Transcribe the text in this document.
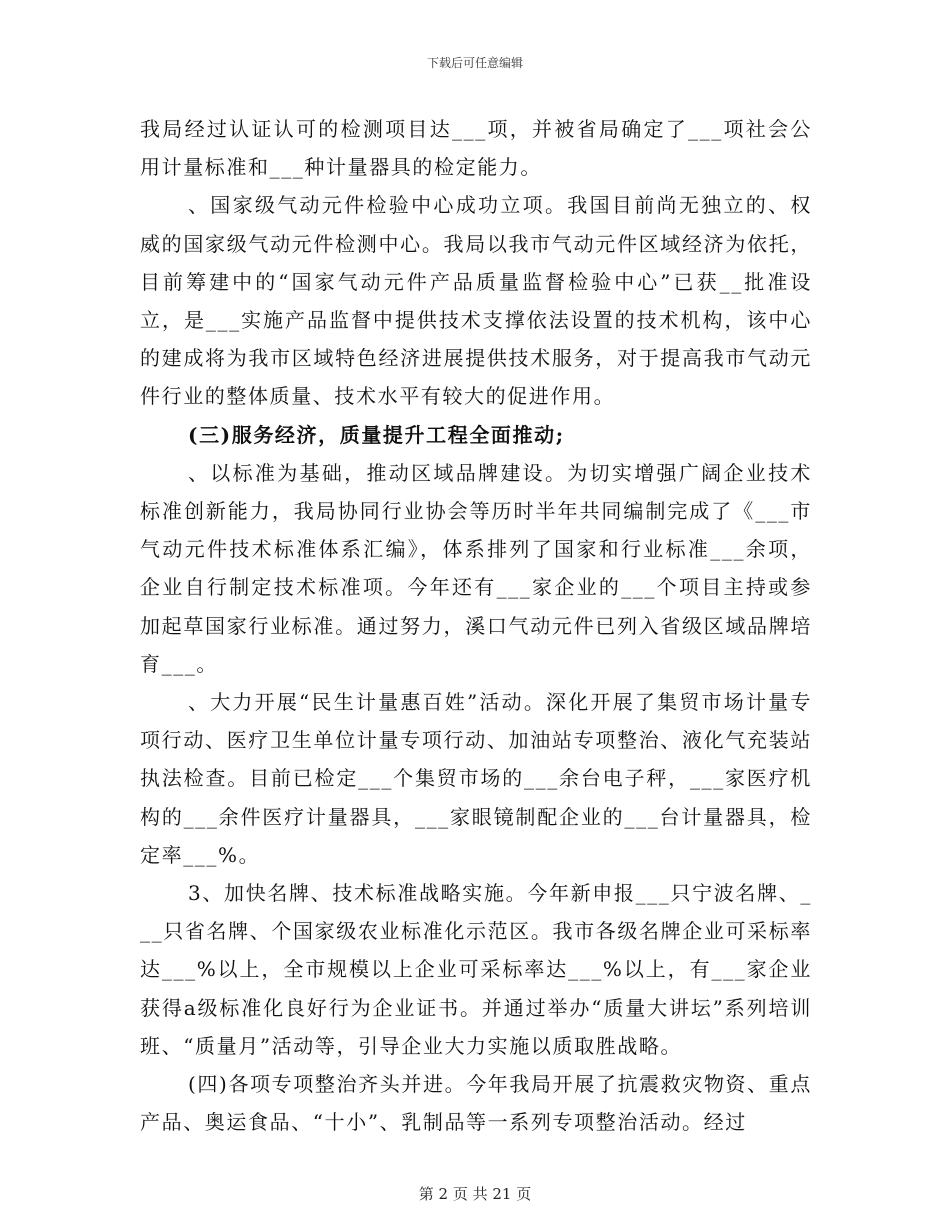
下载后可任意编辑

我局经过认证认可的检测项目达___项，并被省局确定了___项社会公用计量标准和___种计量器具的检定能力。

、国家级气动元件检验中心成功立项。我国目前尚无独立的、权威的国家级气动元件检测中心。我局以我市气动元件区域经济为依托，目前筹建中的“国家气动元件产品质量监督检验中心”已获__批准设立，是___实施产品监督中提供技术支撑依法设置的技术机构，该中心的建成将为我市区域特色经济进展提供技术服务，对于提高我市气动元件行业的整体质量、技术水平有较大的促进作用。

(三)服务经济，质量提升工程全面推动;

、以标准为基础，推动区域品牌建设。为切实增强广阔企业技术标准创新能力，我局协同行业协会等历时半年共同编制完成了《___市气动元件技术标准体系汇编》，体系排列了国家和行业标准___余项，企业自行制定技术标准项。今年还有___家企业的___个项目主持或参加起草国家行业标准。通过努力，溪口气动元件已列入省级区域品牌培育___。

、大力开展“民生计量惠百姓”活动。深化开展了集贸市场计量专项行动、医疗卫生单位计量专项行动、加油站专项整治、液化气充装站执法检查。目前已检定___个集贸市场的___余台电子秤，___家医疗机构的___余件医疗计量器具，___家眼镜制配企业的___台计量器具，检定率___%。

3、加快名牌、技术标准战略实施。今年新申报___只宁波名牌、___只省名牌、个国家级农业标准化示范区。我市各级名牌企业可采标率达___%以上，全市规模以上企业可采标率达___%以上，有___家企业获得a级标准化良好行为企业证书。并通过举办“质量大讲坛”系列培训班、“质量月”活动等，引导企业大力实施以质取胜战略。

(四)各项专项整治齐头并进。今年我局开展了抗震救灾物资、重点产品、奥运食品、“十小”、乳制品等一系列专项整治活动。经过

第 2 页 共 21 页
